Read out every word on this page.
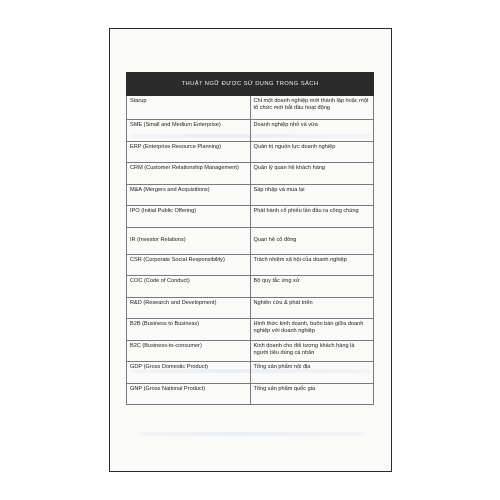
THUẬT NGỮ ĐƯỢC SỬ DỤNG TRONG SÁCH	
Starup	Chỉ một doanh nghiệp mới thành lập hoặc một tổ chức mới bắt đầu hoạt động
SME (Small and Medium Enterprise)	Doanh nghiệp nhỏ và vừa
ERP (Enterprise Resource Planning)	Quản trị nguồn lực doanh nghiệp
CRM (Customer Relationship Management)	Quản lý quan hệ khách hàng
M&A (Mergers and Acquisitions)	Sáp nhập và mua lại
IPO (Initial Public Offering)	Phát hành cổ phiếu lần đầu ra công chúng
IR (Investor Relations)	Quan hệ cổ đông
CSR (Corporate Social Responsibility)	Trách nhiệm xã hội của doanh nghiệp
COC (Code of Conduct)	Bộ quy tắc ứng xử
R&D (Research and Development)	Nghiên cứu & phát triển
B2B (Business to Business)	Hình thức kinh doanh, buôn bán giữa doanh nghiệp với doanh nghiệp
B2C (Business-to-consumer)	Kinh doanh cho đối tượng khách hàng là người tiêu dùng cá nhân
GDP (Gross Domestic Product)	Tổng sản phẩm nội địa
GNP (Gross National Product)	Tổng sản phẩm quốc gia
